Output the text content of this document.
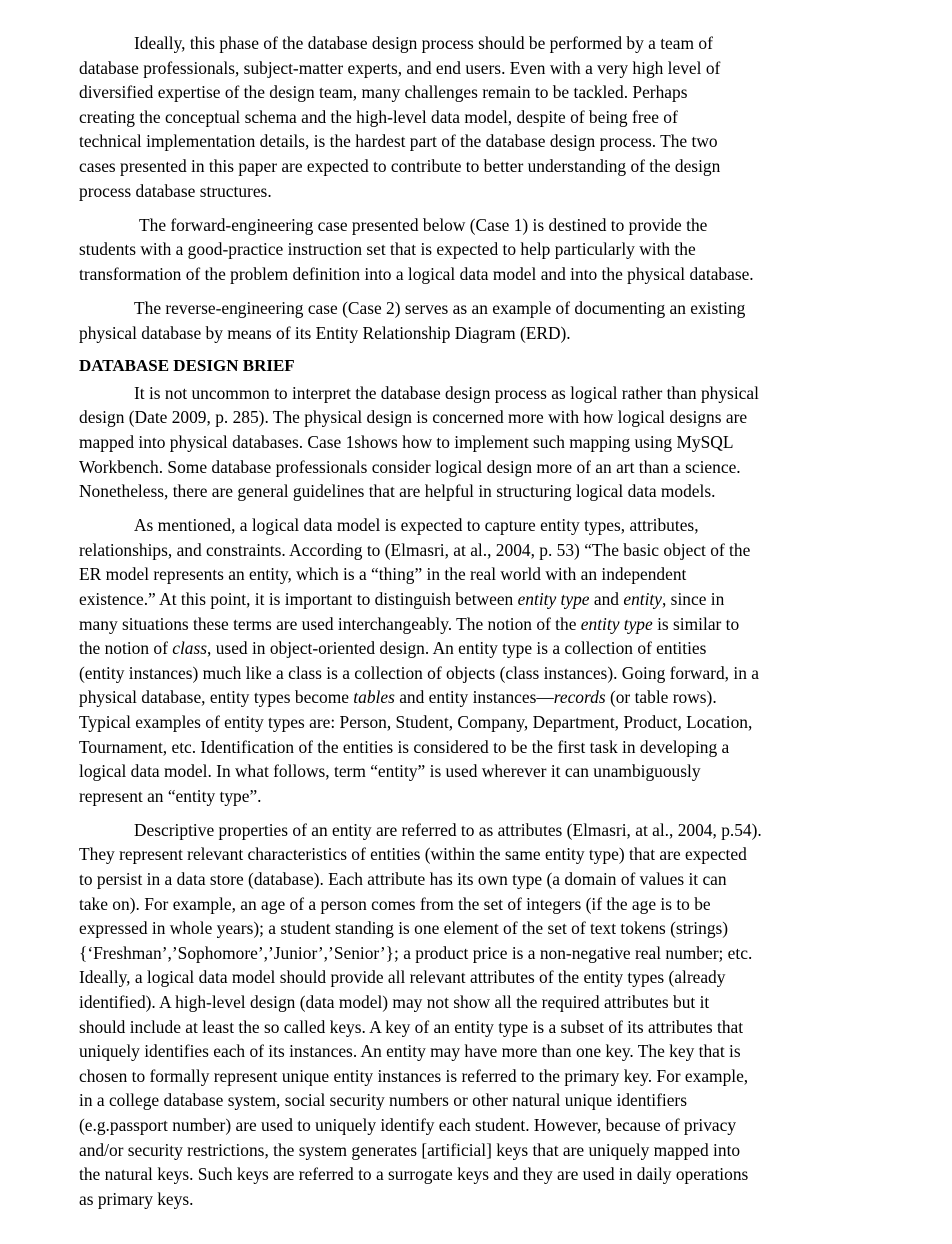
Ideally, this phase of the database design process should be performed by a team of

database professionals, subject-matter experts, and end users. Even with a very high level of

diversified expertise of the design team, many challenges remain to be tackled. Perhaps

creating the conceptual schema and the high-level data model, despite of being free of

technical implementation details, is the hardest part of the database design process. The two

cases presented in this paper are expected to contribute to better understanding of the design

process database structures.

The forward-engineering case presented below (Case 1) is destined to provide the

students with a good-practice instruction set that is expected to help particularly with the

transformation of the problem definition into a logical data model and into the physical database.

The reverse-engineering case (Case 2) serves as an example of documenting an existing

physical database by means of its Entity Relationship Diagram (ERD).

DATABASE DESIGN BRIEF

It is not uncommon to interpret the database design process as logical rather than physical

design (Date 2009, p. 285). The physical design is concerned more with how logical designs are

mapped into physical databases. Case 1shows how to implement such mapping using MySQL

Workbench. Some database professionals consider logical design more of an art than a science.

Nonetheless, there are general guidelines that are helpful in structuring logical data models.

As mentioned, a logical data model is expected to capture entity types, attributes,

relationships, and constraints. According to (Elmasri, at al., 2004, p. 53) “The basic object of the

ER model represents an entity, which is a “thing” in the real world with an independent

existence.” At this point, it is important to distinguish between entity type and entity, since in

many situations these terms are used interchangeably. The notion of the entity type is similar to

the notion of class, used in object-oriented design. An entity type is a collection of entities

(entity instances) much like a class is a collection of objects (class instances). Going forward, in a

physical database, entity types become tables and entity instances—records (or table rows).

Typical examples of entity types are: Person, Student, Company, Department, Product, Location,

Tournament, etc. Identification of the entities is considered to be the first task in developing a

logical data model. In what follows, term “entity” is used wherever it can unambiguously

represent an “entity type”.

Descriptive properties of an entity are referred to as attributes (Elmasri, at al., 2004, p.54).

They represent relevant characteristics of entities (within the same entity type) that are expected

to persist in a data store (database). Each attribute has its own type (a domain of values it can

take on). For example, an age of a person comes from the set of integers (if the age is to be

expressed in whole years); a student standing is one element of the set of text tokens (strings)

{‘Freshman’,’Sophomore’,’Junior’,’Senior’}; a product price is a non-negative real number; etc.

Ideally, a logical data model should provide all relevant attributes of the entity types (already

identified). A high-level design (data model) may not show all the required attributes but it

should include at least the so called keys. A key of an entity type is a subset of its attributes that

uniquely identifies each of its instances. An entity may have more than one key. The key that is

chosen to formally represent unique entity instances is referred to the primary key. For example,

in a college database system, social security numbers or other natural unique identifiers

(e.g.passport number) are used to uniquely identify each student. However, because of privacy

and/or security restrictions, the system generates [artificial] keys that are uniquely mapped into

the natural keys. Such keys are referred to a surrogate keys and they are used in daily operations

as primary keys.
